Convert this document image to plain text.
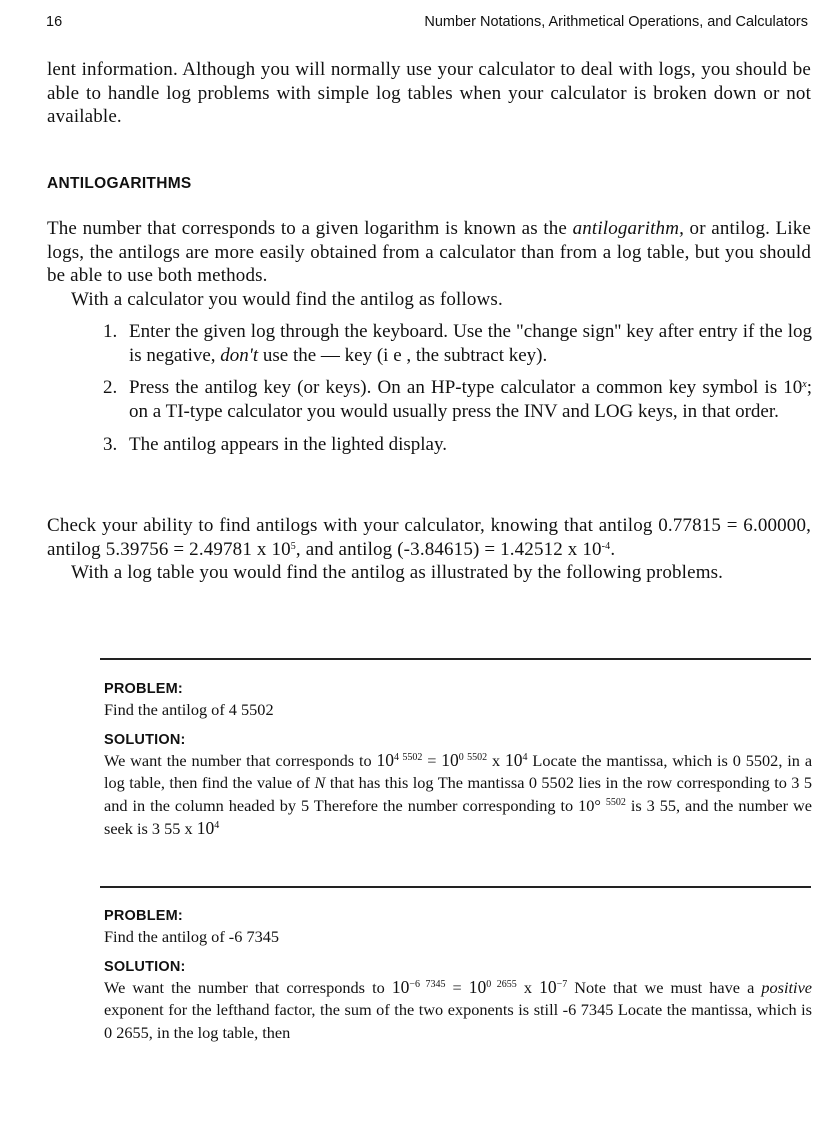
16	Number Notations, Arithmetical Operations, and Calculators

lent information. Although you will normally use your calculator to deal with logs, you should be able to handle log problems with simple log tables when your calculator is broken down or not available.

ANTILOGARITHMS

The number that corresponds to a given logarithm is known as the antilogarithm, or antilog. Like logs, the antilogs are more easily obtained from a calculator than from a log table, but you should be able to use both methods.

With a calculator you would find the antilog as follows.

1. Enter the given log through the keyboard. Use the "change sign'' key after entry if the log is negative, don't use the — key (i e , the subtract key).
2. Press the antilog key (or keys). On an HP-type calculator a common key symbol is 10$^x$; on a TI-type calculator you would usually press the INV and LOG keys, in that order.
3. The antilog appears in the lighted display.

Check your ability to find antilogs with your calculator, knowing that antilog 0.77815 = 6.00000, antilog 5.39756 = 2.49781 x $10^5$, and antilog (-3.84615) = 1.42512 x $10^{-4}$.

With a log table you would find the antilog as illustrated by the following problems.

PROBLEM:

Find the antilog of 4 5502

SOLUTION:

We want the number that corresponds to $10^{4 5502} = 10^{0 5502}$ x $10^4$ Locate the mantissa, which is 0 5502, in a log table, then find the value of N that has this log The mantissa 0 5502 lies in the row corresponding to 3 5 and in the column headed by 5 Therefore the number corresponding to 10° $^{5502}$ is 3 55, and the number we seek is 3 55 x $10^4$

PROBLEM:

Find the antilog of -6 7345

SOLUTION:

We want the number that corresponds to $10^{-6 7345} = 10^{0 2655}$ x $10^{-7}$ Note that we must have a positive exponent for the lefthand factor, the sum of the two exponents is still -6 7345 Locate the mantissa, which is 0 2655, in the log table, then
